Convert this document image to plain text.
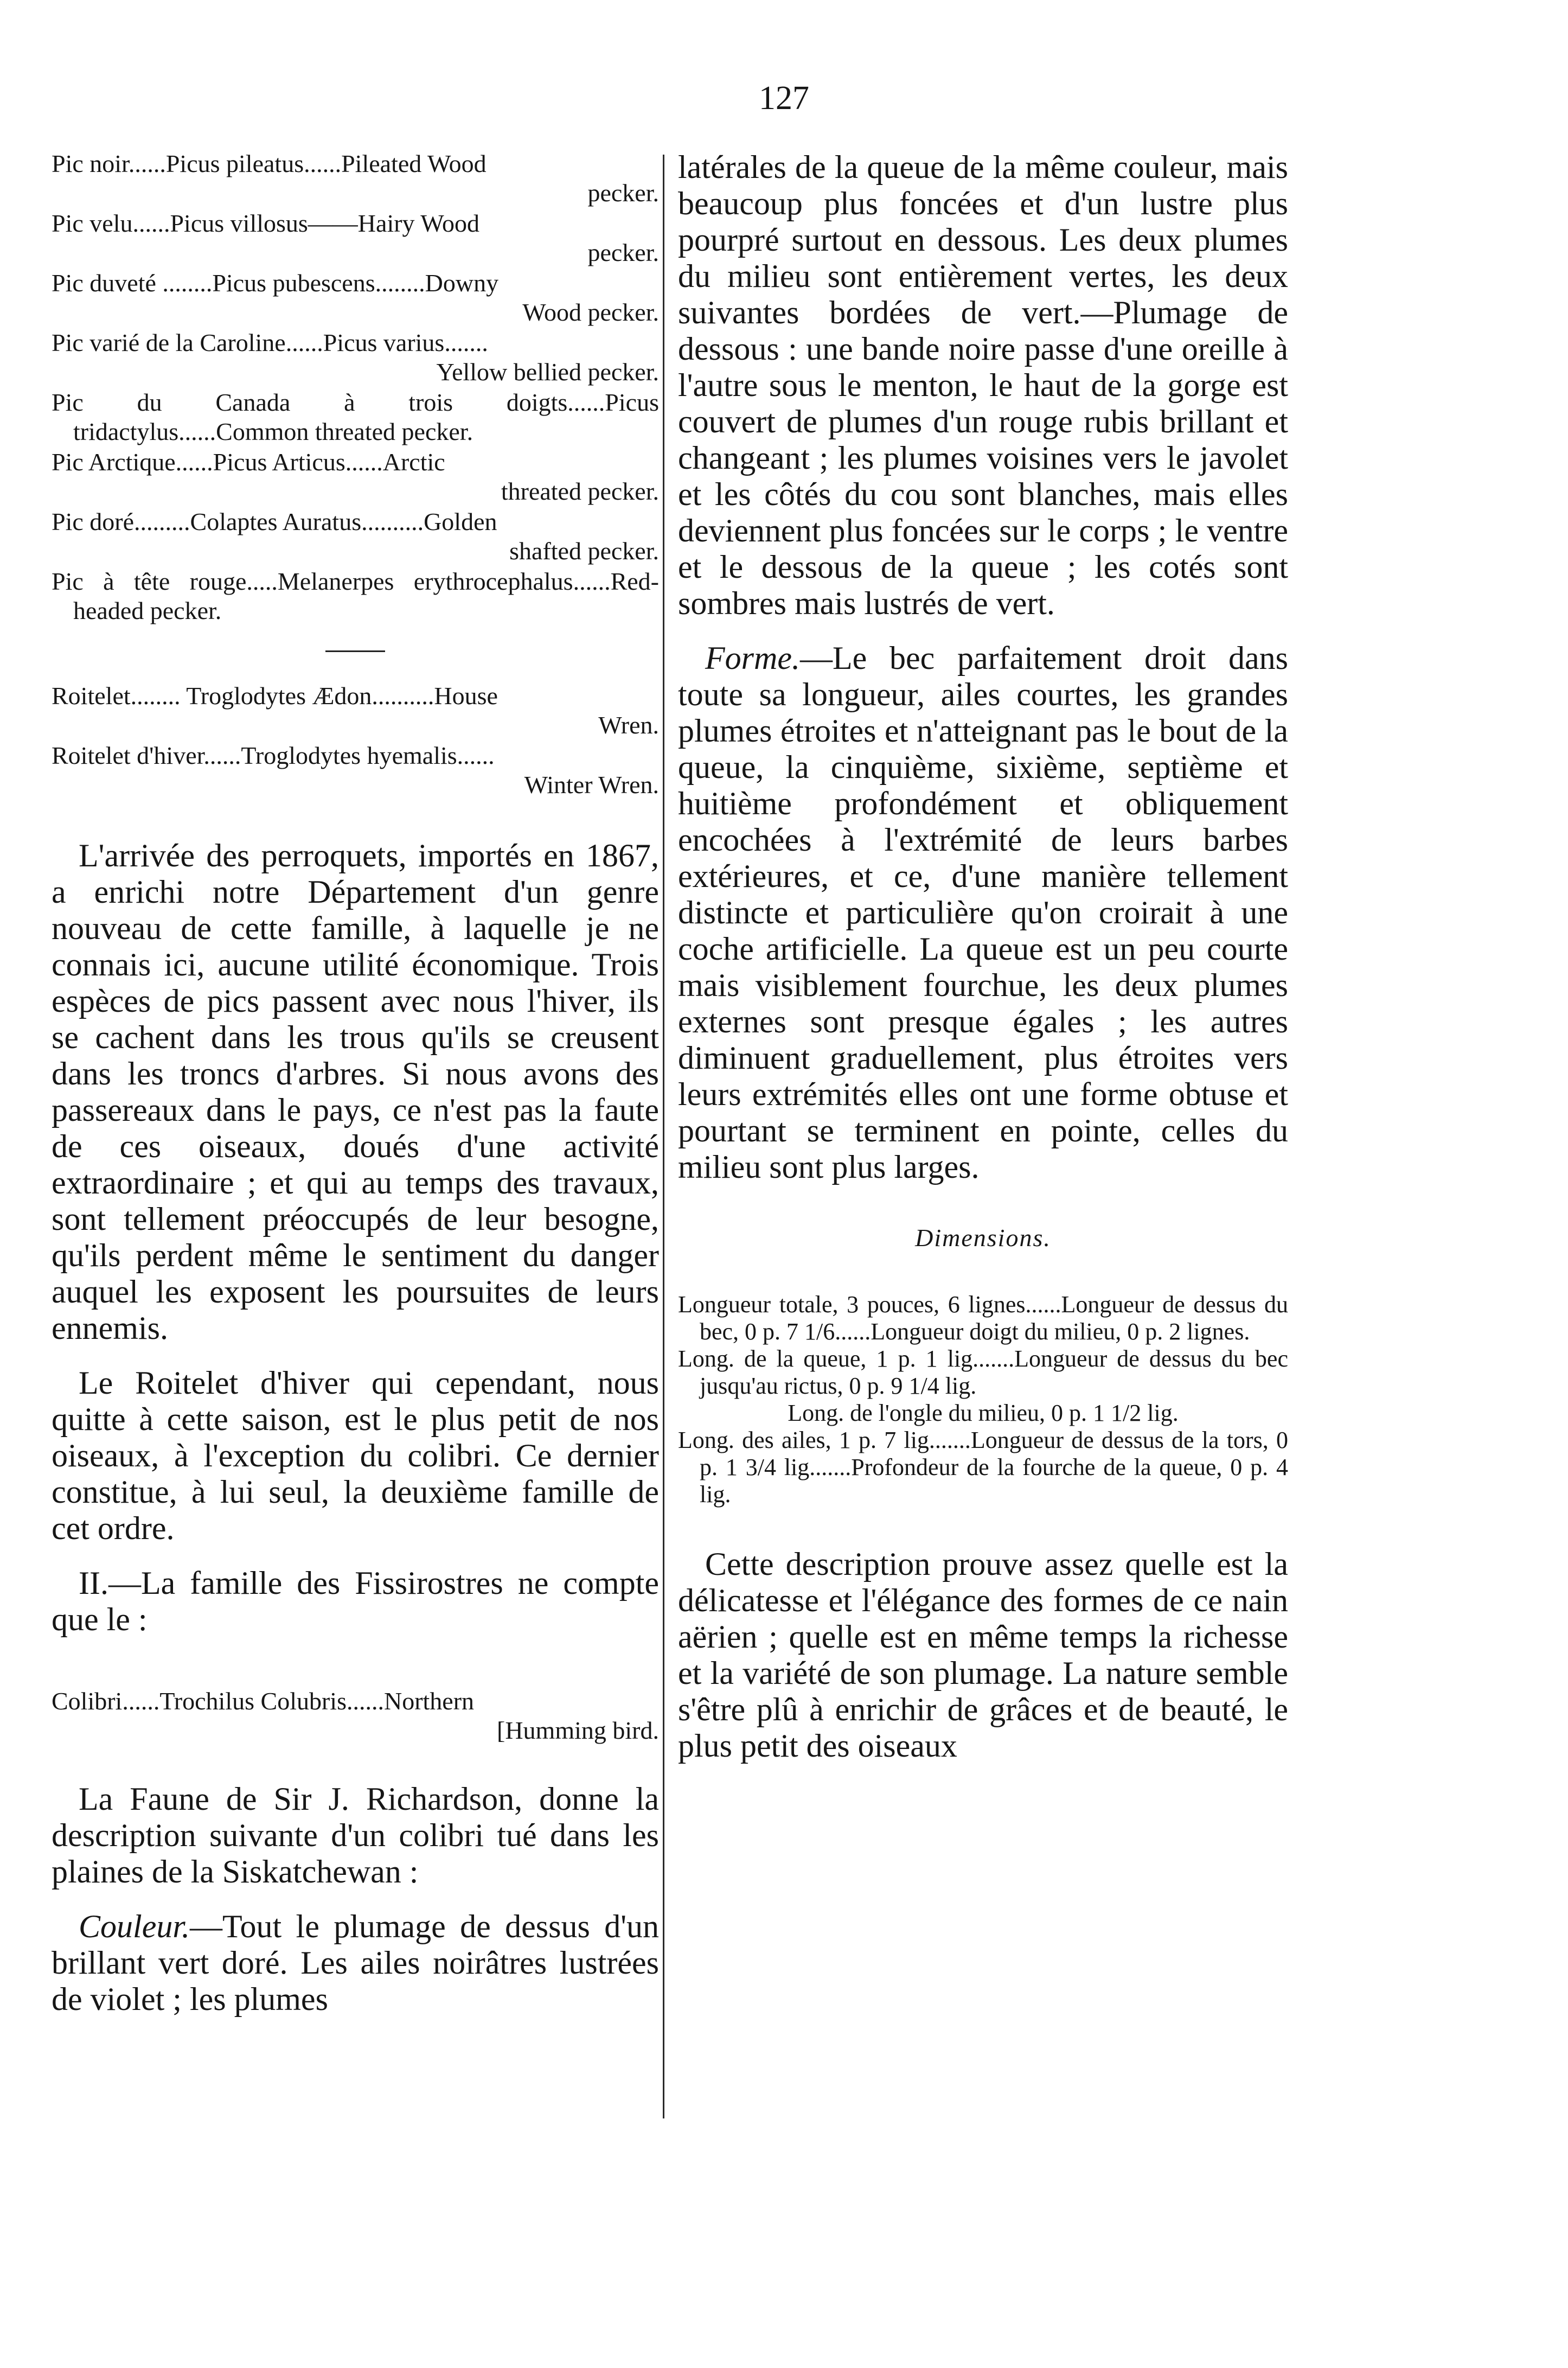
127

Pic noir......Picus pileatus......Pileated Wood
pecker.

Pic velu......Picus villosus——Hairy Wood
pecker.

Pic duveté ........Picus pubescens........Downy
Wood pecker.

Pic varié de la Caroline......Picus varius.......
Yellow bellied pecker.

Pic du Canada à trois doigts......Picus tridactylus......Common threated pecker.

Pic Arctique......Picus Articus......Arctic
threated pecker.

Pic doré.........Colaptes Auratus..........Golden
shafted pecker.

Pic à tête rouge.....Melanerpes erythrocephalus......Red-headed pecker.

Roitelet........ Troglodytes Ædon..........House
Wren.

Roitelet d'hiver......Troglodytes hyemalis......
Winter Wren.

L'arrivée des perroquets, importés en 1867, a enrichi notre Département d'un genre nouveau de cette famille, à laquelle je ne connais ici, aucune utilité économique. Trois espèces de pics passent avec nous l'hiver, ils se cachent dans les trous qu'ils se creusent dans les troncs d'arbres. Si nous avons des passereaux dans le pays, ce n'est pas la faute de ces oiseaux, doués d'une activité extraordinaire ; et qui au temps des travaux, sont tellement préoccupés de leur besogne, qu'ils perdent même le sentiment du danger auquel les exposent les poursuites de leurs ennemis.

Le Roitelet d'hiver qui cependant, nous quitte à cette saison, est le plus petit de nos oiseaux, à l'exception du colibri. Ce dernier constitue, à lui seul, la deuxième famille de cet ordre.

II.—La famille des Fissirostres ne compte que le :

Colibri......Trochilus Colubris......Northern
[Humming bird.

La Faune de Sir J. Richardson, donne la description suivante d'un colibri tué dans les plaines de la Siskatchewan :

Couleur.—Tout le plumage de dessus d'un brillant vert doré. Les ailes noirâtres lustrées de violet ; les plumes

latérales de la queue de la même couleur, mais beaucoup plus foncées et d'un lustre plus pourpré surtout en dessous. Les deux plumes du milieu sont entièrement vertes, les deux suivantes bordées de vert.—Plumage de dessous : une bande noire passe d'une oreille à l'autre sous le menton, le haut de la gorge est couvert de plumes d'un rouge rubis brillant et changeant ; les plumes voisines vers le javolet et les côtés du cou sont blanches, mais elles deviennent plus foncées sur le corps ; le ventre et le dessous de la queue ; les cotés sont sombres mais lustrés de vert.

Forme.—Le bec parfaitement droit dans toute sa longueur, ailes courtes, les grandes plumes étroites et n'atteignant pas le bout de la queue, la cinquième, sixième, septième et huitième profondément et obliquement encochées à l'extrémité de leurs barbes extérieures, et ce, d'une manière tellement distincte et particulière qu'on croirait à une coche artificielle. La queue est un peu courte mais visiblement fourchue, les deux plumes externes sont presque égales ; les autres diminuent graduellement, plus étroites vers leurs extrémités elles ont une forme obtuse et pourtant se terminent en pointe, celles du milieu sont plus larges.

Dimensions.

Longueur totale, 3 pouces, 6 lignes......Longueur de dessus du bec, 0 p. 7 1/6......Longueur doigt du milieu, 0 p. 2 lignes.

Long. de la queue, 1 p. 1 lig.......Longueur de dessus du bec jusqu'au rictus, 0 p. 9 1/4 lig.

Long. de l'ongle du milieu, 0 p. 1 1/2 lig.

Long. des ailes, 1 p. 7 lig.......Longueur de dessus de la tors, 0 p. 1 3/4 lig.......Profondeur de la fourche de la queue, 0 p. 4 lig.

Cette description prouve assez quelle est la délicatesse et l'élégance des formes de ce nain aërien ; quelle est en même temps la richesse et la variété de son plumage. La nature semble s'être plû à enrichir de grâces et de beauté, le plus petit des oiseaux
